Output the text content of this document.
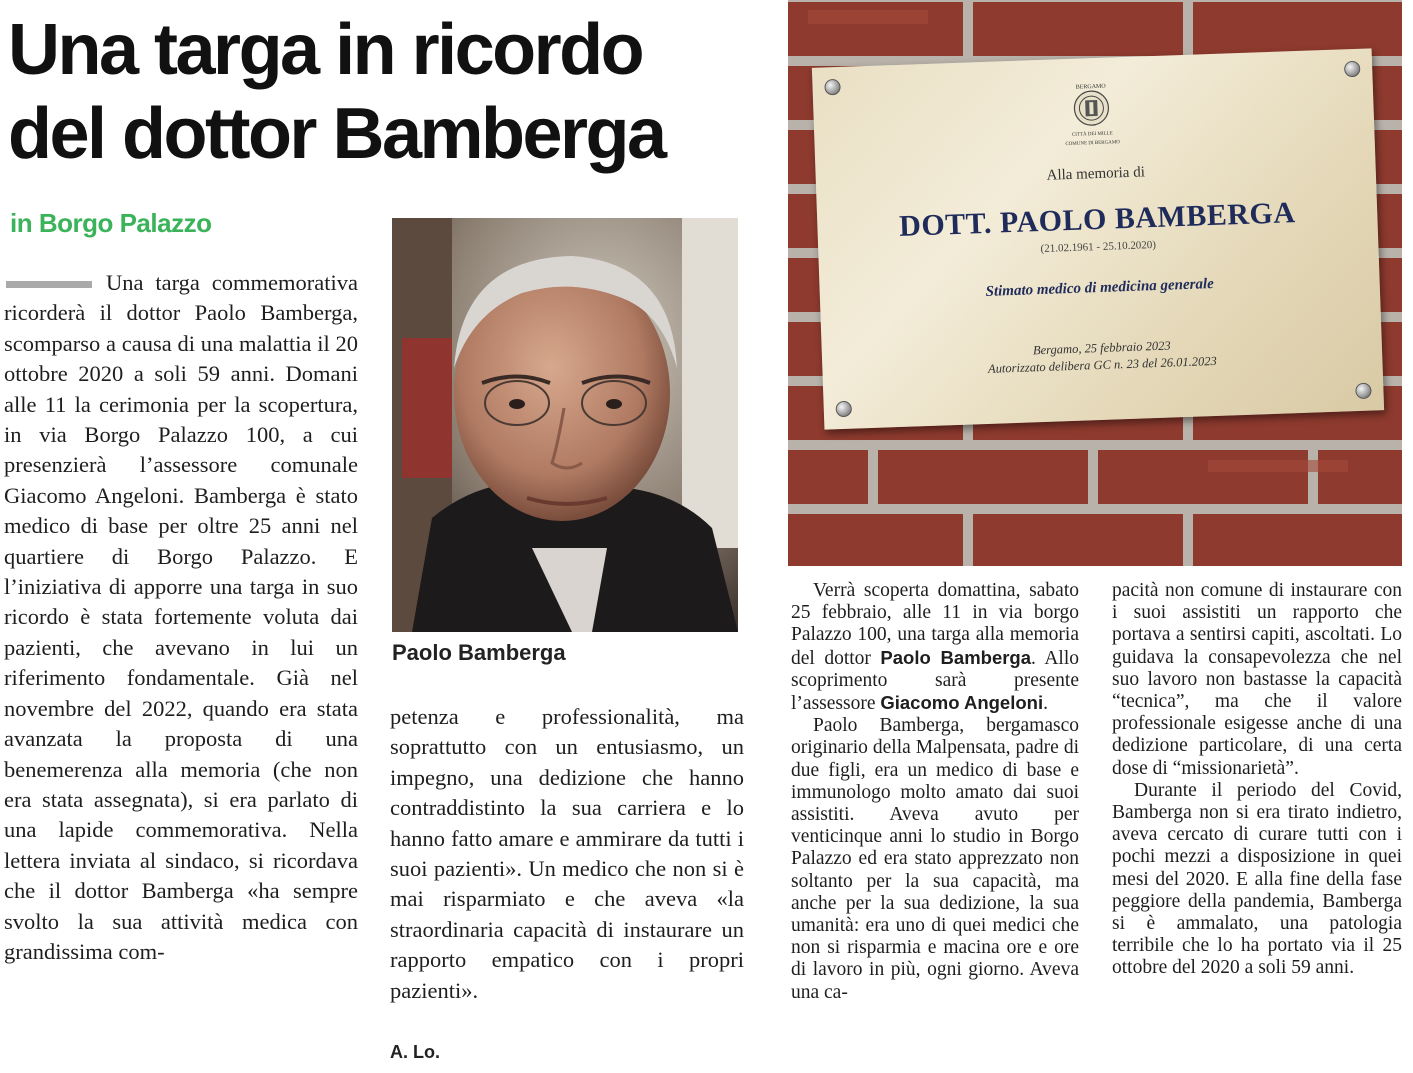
Una targa in ricordo
del dottor Bamberga
in Borgo Palazzo
Una targa commemorativa ricorderà il dottor Paolo Bamberga, scomparso a causa di una malattia il 20 ottobre 2020 a soli 59 anni. Domani alle 11 la cerimonia per la scopertura, in via Borgo Palazzo 100, a cui presenzierà l’assessore comunale Giacomo Angeloni. Bamberga è stato medico di base per oltre 25 anni nel quartiere di Borgo Palazzo. E l’iniziativa di apporre una targa in suo ricordo è stata fortemente voluta dai pazienti, che avevano in lui un riferimento fondamentale. Già nel novembre del 2022, quando era stata avanzata la proposta di una benemerenza alla memoria (che non era stata assegnata), si era parlato di una lapide commemorativa. Nella lettera inviata al sindaco, si ricordava che il dottor Bamberga «ha sempre svolto la sua attività medica con grandissima com-
Paolo Bamberga
petenza e professionalità, ma soprattutto con un entusiasmo, un impegno, una dedizione che hanno contraddistinto la sua carriera e lo hanno fatto amare e ammirare da tutti i suoi pazienti». Un medico che non si è mai risparmiato e che aveva «la straordinaria capacità di instaurare un rapporto empatico con i propri pazienti».
A. Lo.
BERGAMO
CITTÀ DEI MILLE
COMUNE DI BERGAMO
Alla memoria di
DOTT. PAOLO BAMBERGA
(21.02.1961 - 25.10.2020)
Stimato medico di medicina generale
Bergamo, 25 febbraio 2023
Autorizzato delibera GC n. 23 del 26.01.2023

Verrà scoperta domattina, sabato 25 febbraio, alle 11 in via borgo Palazzo 100, una targa alla memoria del dottor Paolo Bamberga. Allo scoprimento sarà presente l’assessore Giacomo Angeloni.

Paolo Bamberga, bergamasco originario della Malpensata, padre di due figli, era un medico di base e immunologo molto amato dai suoi assistiti. Aveva avuto per venticinque anni lo studio in Borgo Palazzo ed era stato apprezzato non soltanto per la sua capacità, ma anche per la sua dedizione, la sua umanità: era uno di quei medici che non si risparmia e macina ore e ore di lavoro in più, ogni giorno. Aveva una ca-

pacità non comune di instaurare con i suoi assistiti un rapporto che portava a sentirsi capiti, ascoltati. Lo guidava la consapevolezza che nel suo lavoro non bastasse la capacità “tecnica”, ma che il valore professionale esigesse anche di una dedizione particolare, di una certa dose di “missionarietà”.

Durante il periodo del Covid, Bamberga non si era tirato indietro, aveva cercato di curare tutti con i pochi mezzi a disposizione in quei mesi del 2020. E alla fine della fase peggiore della pandemia, Bamberga si è ammalato, una patologia terribile che lo ha portato via il 25 ottobre del 2020 a soli 59 anni.
